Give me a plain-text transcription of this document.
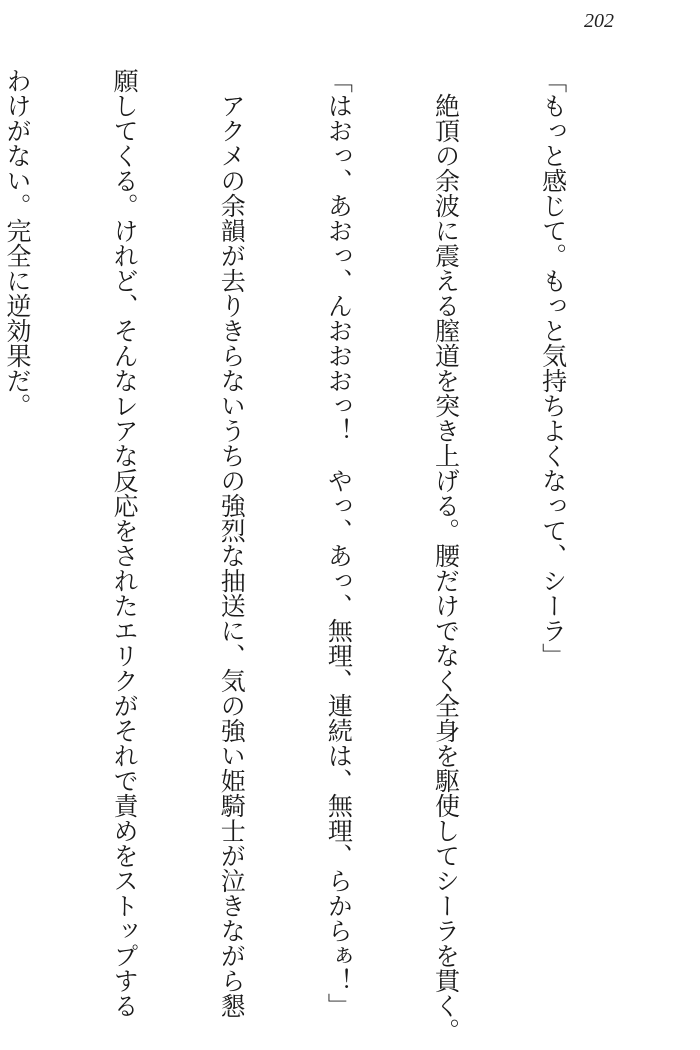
202

「もっと感じて。もっと気持ちよくなって、シーラ」

　絶頂の余波に震える膣道を突き上げる。腰だけでなく全身を駆使してシーラを貫く。

「はおっ、あおっ、んおおおっ！　やっ、あっ、無理、連続は、無理、らからぁ！」

　アクメの余韻が去りきらないうちの強烈な抽送に、気の強い姫騎士が泣きながら懇

願してくる。けれど、そんなレアな反応をされたエリクがそれで責めをストップする

わけがない。完全に逆効果だ。
